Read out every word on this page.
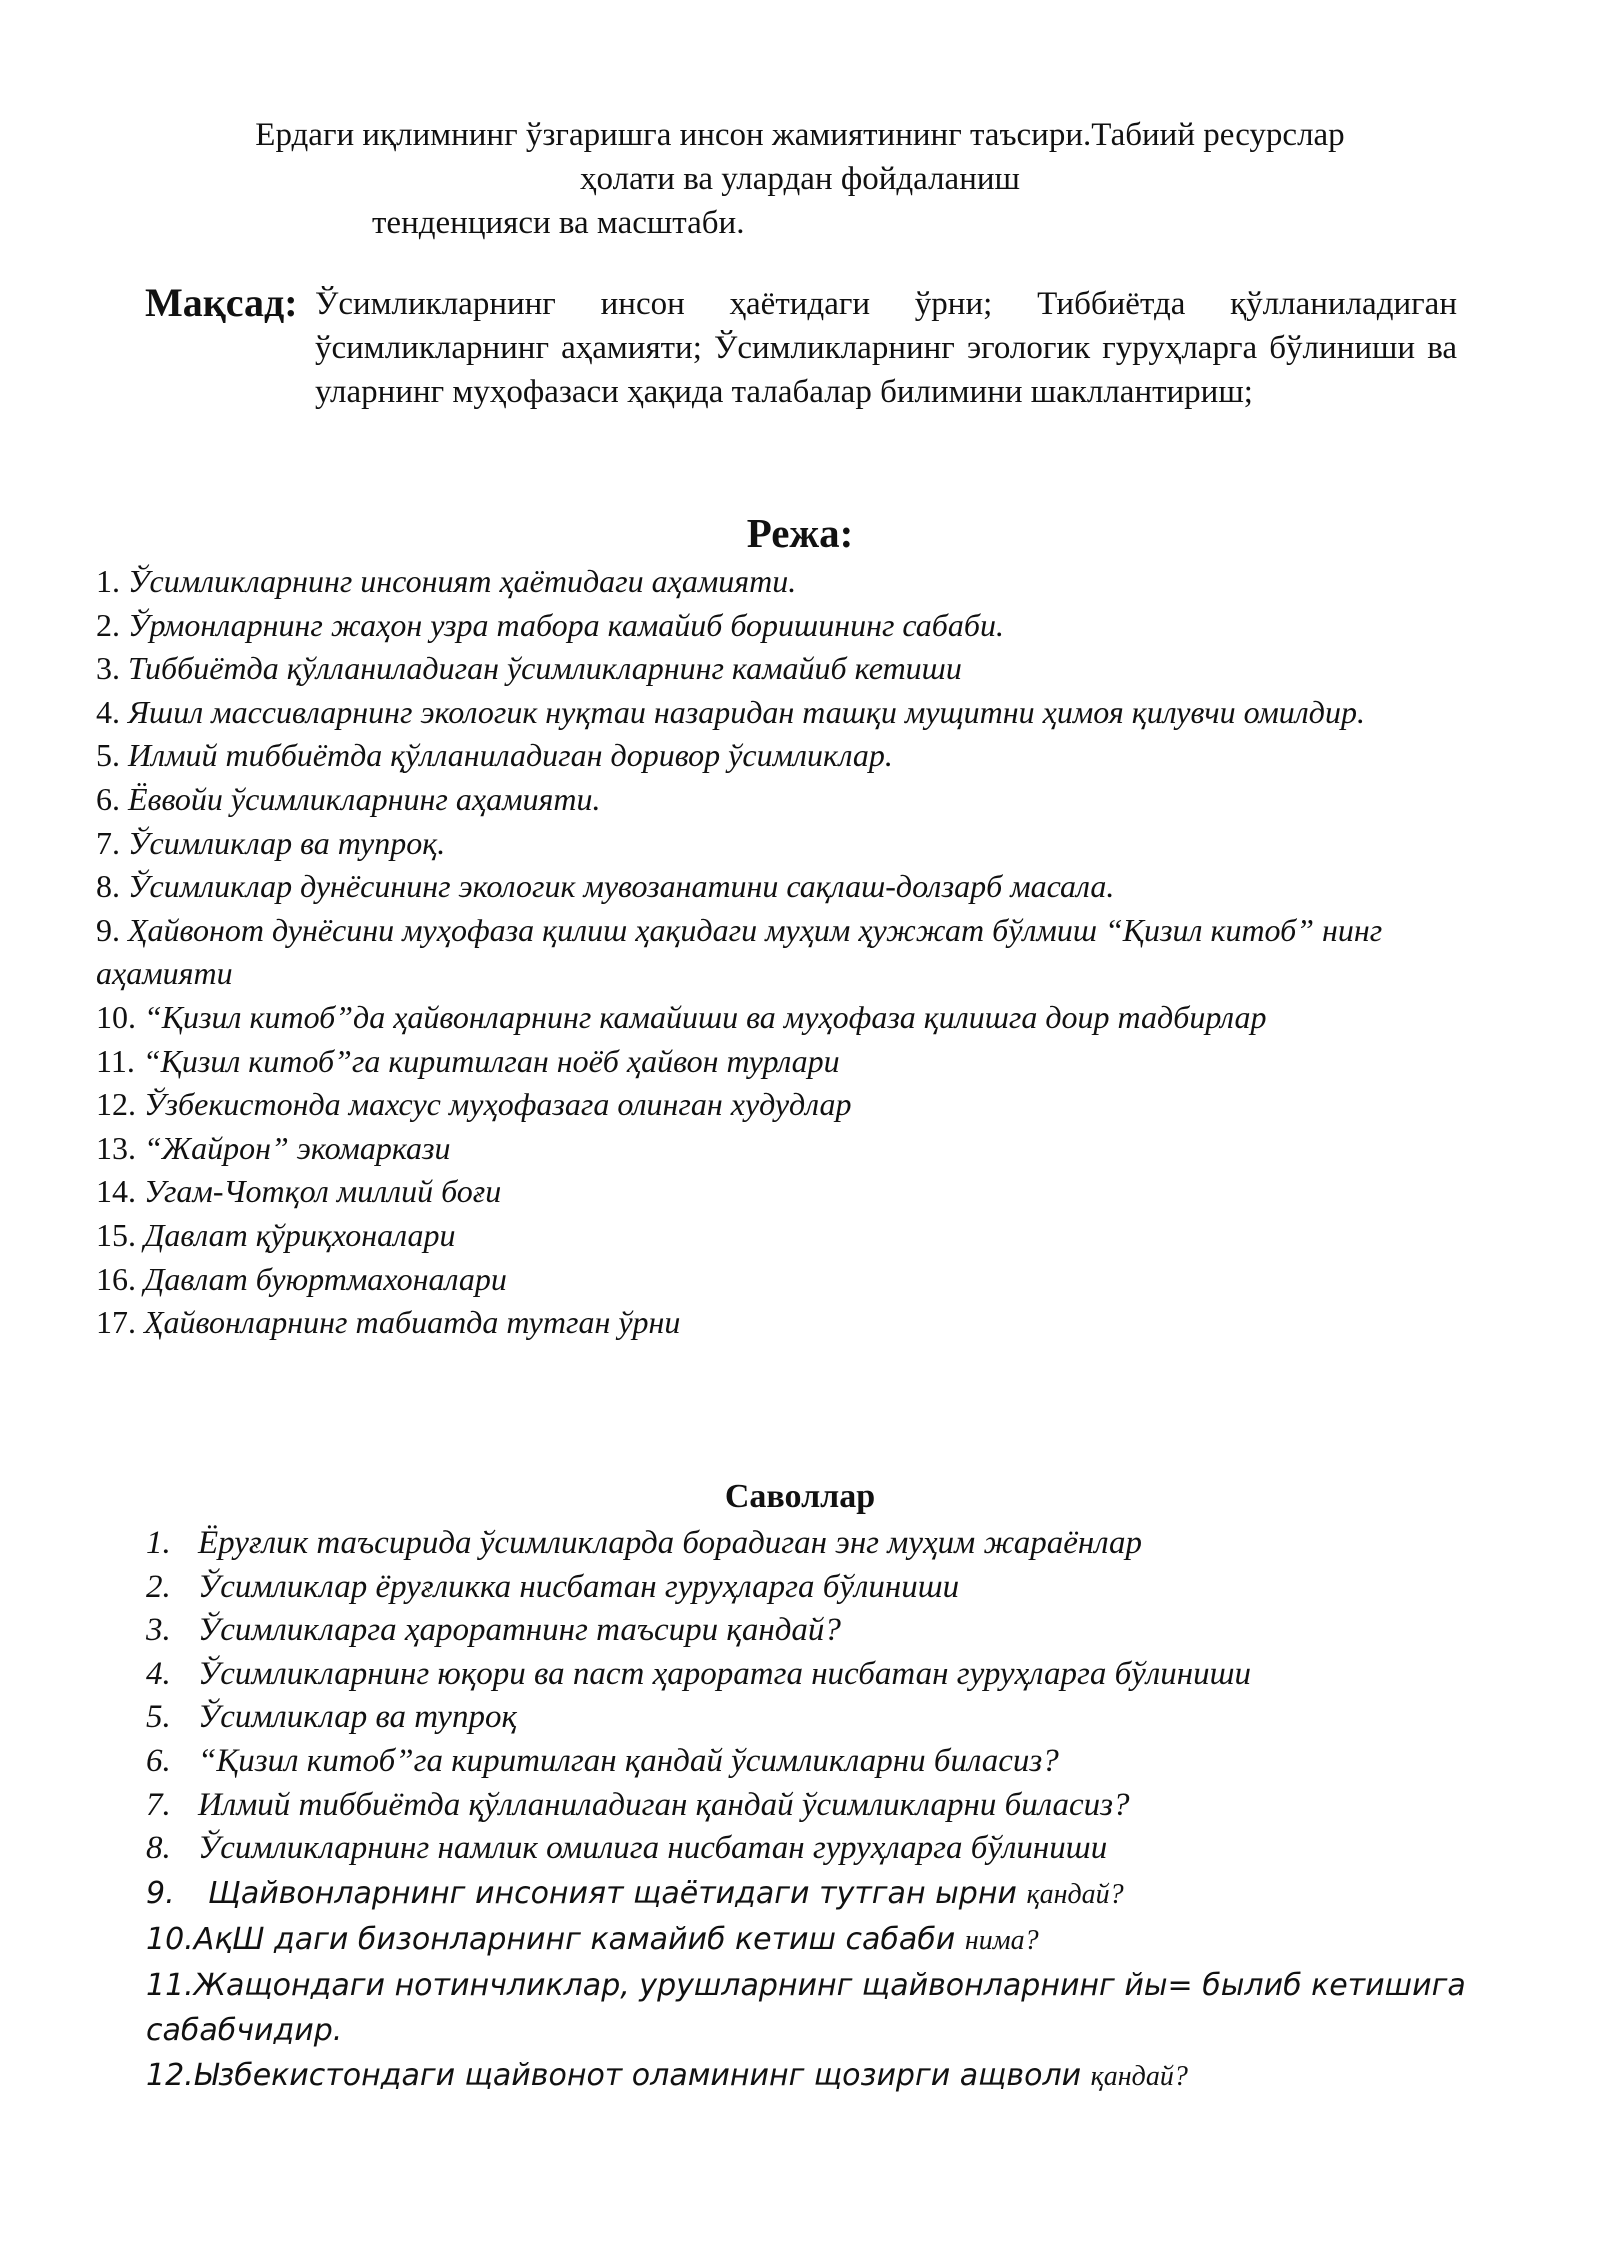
Ердаги иқлимнинг ўзгаришга инсон жамиятининг таъсири.Табиий ресурслар
ҳолати ва улардан фойдаланиш
тенденцияси ва масштаби.
Мақсад: Ўсимликларнинг инсон ҳаётидаги ўрни; Тиббиётда қўлланиладиган ўсимликларнинг аҳамияти; Ўсимликларнинг эгологик гуруҳларга бўлиниши ва уларнинг муҳофазаси ҳақида талабалар билимини шакллантириш;
Режа:
1. Ўсимликларнинг инсоният ҳаётидаги аҳамияти.
2. Ўрмонларнинг жаҳон узра табора камайиб боришининг сабаби.
3. Тиббиётда қўлланиладиган ўсимликларнинг камайиб кетиши
4. Яшил массивларнинг экологик нуқтаи назаридан ташқи мущитни ҳимоя қилувчи омилдир.
5. Илмий тиббиётда қўлланиладиган доривор ўсимликлар.
6. Ёввойи ўсимликларнинг аҳамияти.
7. Ўсимликлар ва тупроқ.
8. Ўсимликлар дунёсининг экологик мувозанатини сақлаш-долзарб масала.
9. Ҳайвонот дунёсини муҳофаза қилиш ҳақидаги муҳим ҳужжат бўлмиш “Қизил китоб” нинг аҳамияти
10. “Қизил китоб”да ҳайвонларнинг камайиши ва муҳофаза қилишга доир тадбирлар
11. “Қизил китоб”га киритилган ноёб ҳайвон турлари
12. Ўзбекистонда махсус муҳофазага олинган худудлар
13. “Жайрон” экомаркази
14. Угам-Чотқол миллий боғи
15. Давлат қўриқхоналари
16. Давлат буюртмахоналари
17. Ҳайвонларнинг табиатда тутган ўрни
Саволлар
1. Ёруғлик таъсирида ўсимликларда борадиган энг муҳим жараёнлар
2. Ўсимликлар ёруғликка нисбатан гуруҳларга бўлиниши
3. Ўсимликларга ҳароратнинг таъсири қандай?
4. Ўсимликларнинг юқори ва паст ҳароратга нисбатан гуруҳларга бўлиниши
5. Ўсимликлар ва тупроқ
6. “Қизил китоб”га киритилган қандай ўсимликларни биласиз?
7. Илмий тиббиётда қўлланиладиган қандай ўсимликларни биласиз?
8. Ўсимликларнинг намлик омилига нисбатан гуруҳларга бўлиниши
9. Щайвонларнинг инсоният щаётидаги тутган ырни қандай?
10.АқШ даги бизонларнинг камайиб кетиш сабаби нима?
11.Жащондаги нотинчликлар, урушларнинг щайвонларнинг йы= былиб кетишига сабабчидир.
12.Ызбекистондаги щайвонот оламининг щозирги ащволи қандай?
